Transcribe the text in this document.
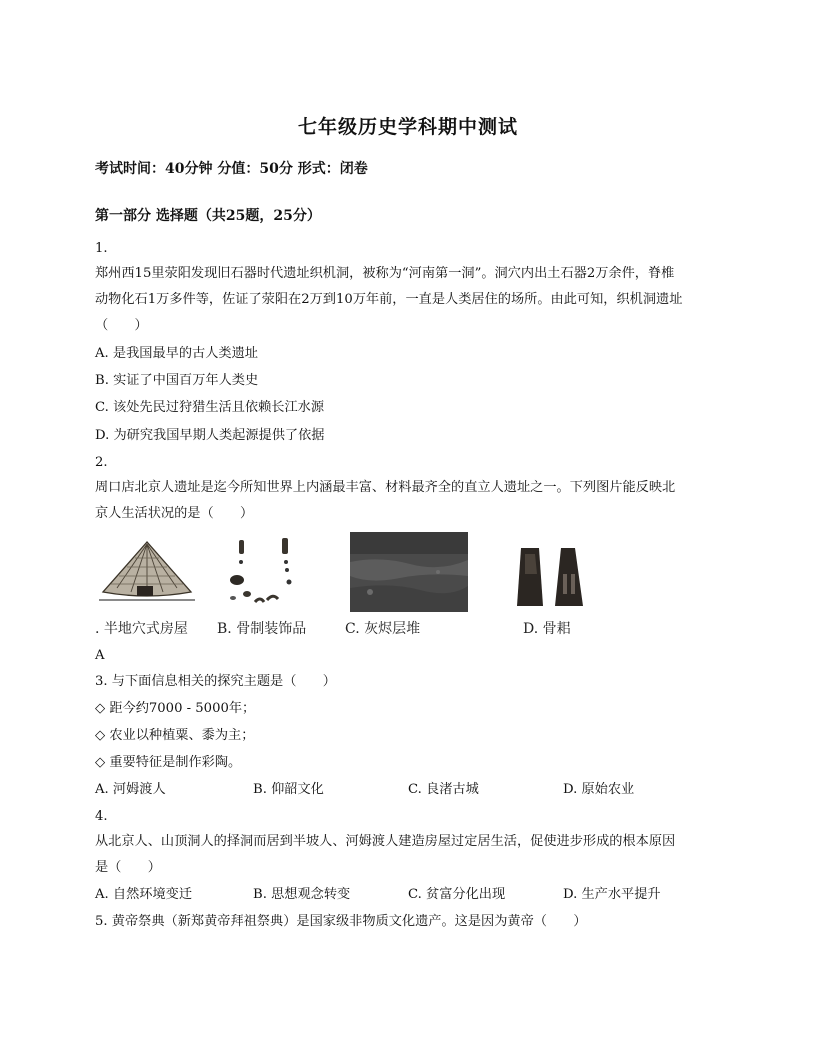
七年级历史学科期中测试
考试时间：40分钟 分值：50分 形式：闭卷
第一部分 选择题（共25题，25分）
1.
郑州西15里荥阳发现旧石器时代遗址织机洞，被称为“河南第一洞”。洞穴内出土石器2万余件，脊椎
动物化石1万多件等，佐证了荥阳在2万到10万年前，一直是人类居住的场所。由此可知，织机洞遗址
（　　）
A. 是我国最早的古人类遗址
B. 实证了中国百万年人类史
C. 该处先民过狩猎生活且依赖长江水源
D. 为研究我国早期人类起源提供了依据
2.
周口店北京人遗址是迄今所知世界上内涵最丰富、材料最齐全的直立人遗址之一。下列图片能反映北
京人生活状况的是（　　）
. 半地穴式房屋 B. 骨制装饰品	C. 灰烬层堆	D. 骨耜
A
3. 与下面信息相关的探究主题是（　　）
◇ 距今约7000 - 5000年；
◇ 农业以种植粟、黍为主；
◇ 重要特征是制作彩陶。
A. 河姆渡人	B. 仰韶文化	C. 良渚古城	D. 原始农业
4.
从北京人、山顶洞人的择洞而居到半坡人、河姆渡人建造房屋过定居生活，促使进步形成的根本原因
是（　　）
A. 自然环境变迁	B. 思想观念转变	C. 贫富分化出现	D. 生产水平提升
5. 黄帝祭典（新郑黄帝拜祖祭典）是国家级非物质文化遗产。这是因为黄帝（　　）
